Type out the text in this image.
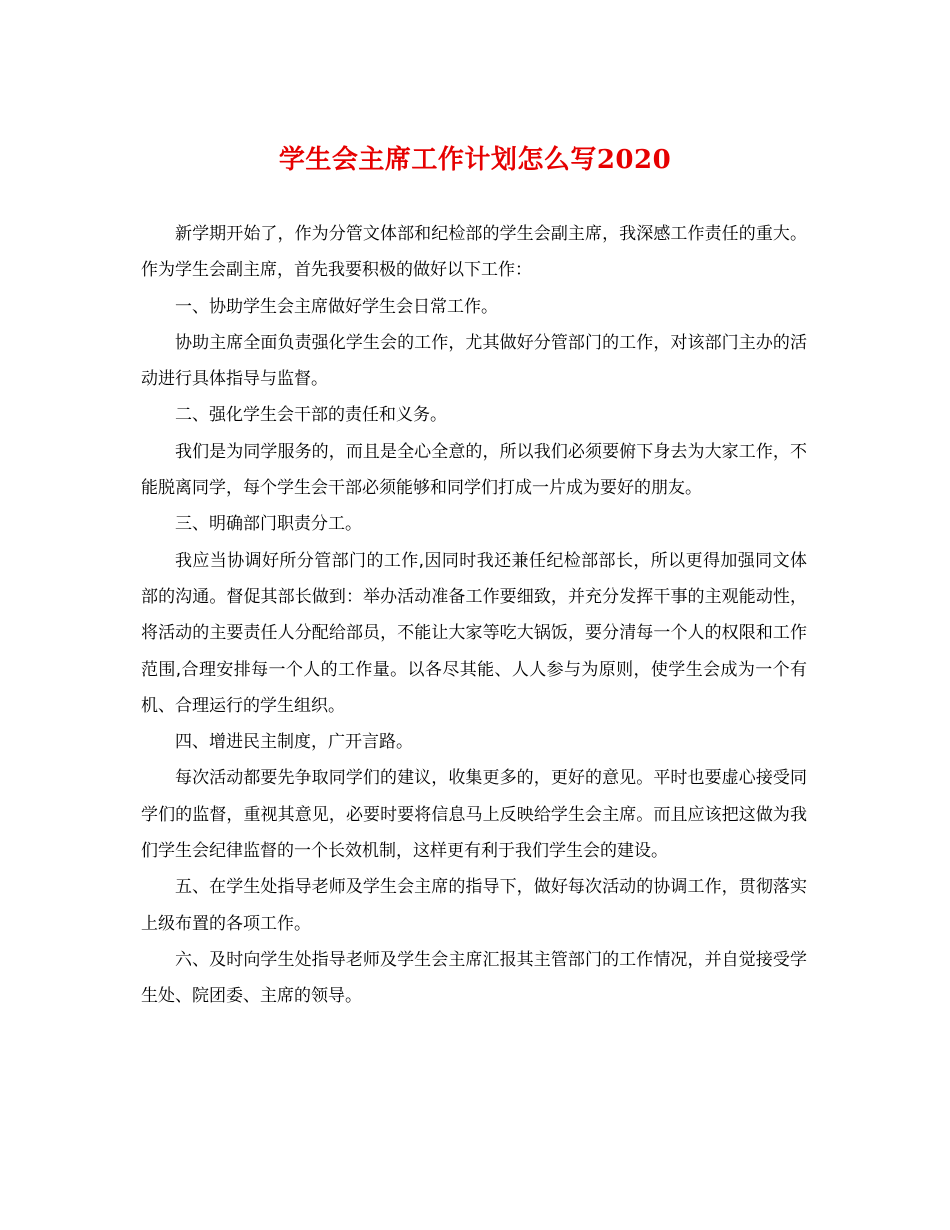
学生会主席工作计划怎么写2020

新学期开始了，作为分管文体部和纪检部的学生会副主席，我深感工作责任的重大。作为学生会副主席，首先我要积极的做好以下工作：

一、协助学生会主席做好学生会日常工作。

协助主席全面负责强化学生会的工作，尤其做好分管部门的工作，对该部门主办的活动进行具体指导与监督。

二、强化学生会干部的责任和义务。

我们是为同学服务的，而且是全心全意的，所以我们必须要俯下身去为大家工作，不能脱离同学，每个学生会干部必须能够和同学们打成一片成为要好的朋友。

三、明确部门职责分工。

我应当协调好所分管部门的工作,因同时我还兼任纪检部部长，所以更得加强同文体部的沟通。督促其部长做到：举办活动准备工作要细致，并充分发挥干事的主观能动性，将活动的主要责任人分配给部员，不能让大家等吃大锅饭，要分清每一个人的权限和工作范围,合理安排每一个人的工作量。以各尽其能、人人参与为原则，使学生会成为一个有机、合理运行的学生组织。

四、增进民主制度，广开言路。

每次活动都要先争取同学们的建议，收集更多的，更好的意见。平时也要虚心接受同学们的监督，重视其意见，必要时要将信息马上反映给学生会主席。而且应该把这做为我们学生会纪律监督的一个长效机制，这样更有利于我们学生会的建设。

五、在学生处指导老师及学生会主席的指导下，做好每次活动的协调工作，贯彻落实上级布置的各项工作。

六、及时向学生处指导老师及学生会主席汇报其主管部门的工作情况，并自觉接受学生处、院团委、主席的领导。
